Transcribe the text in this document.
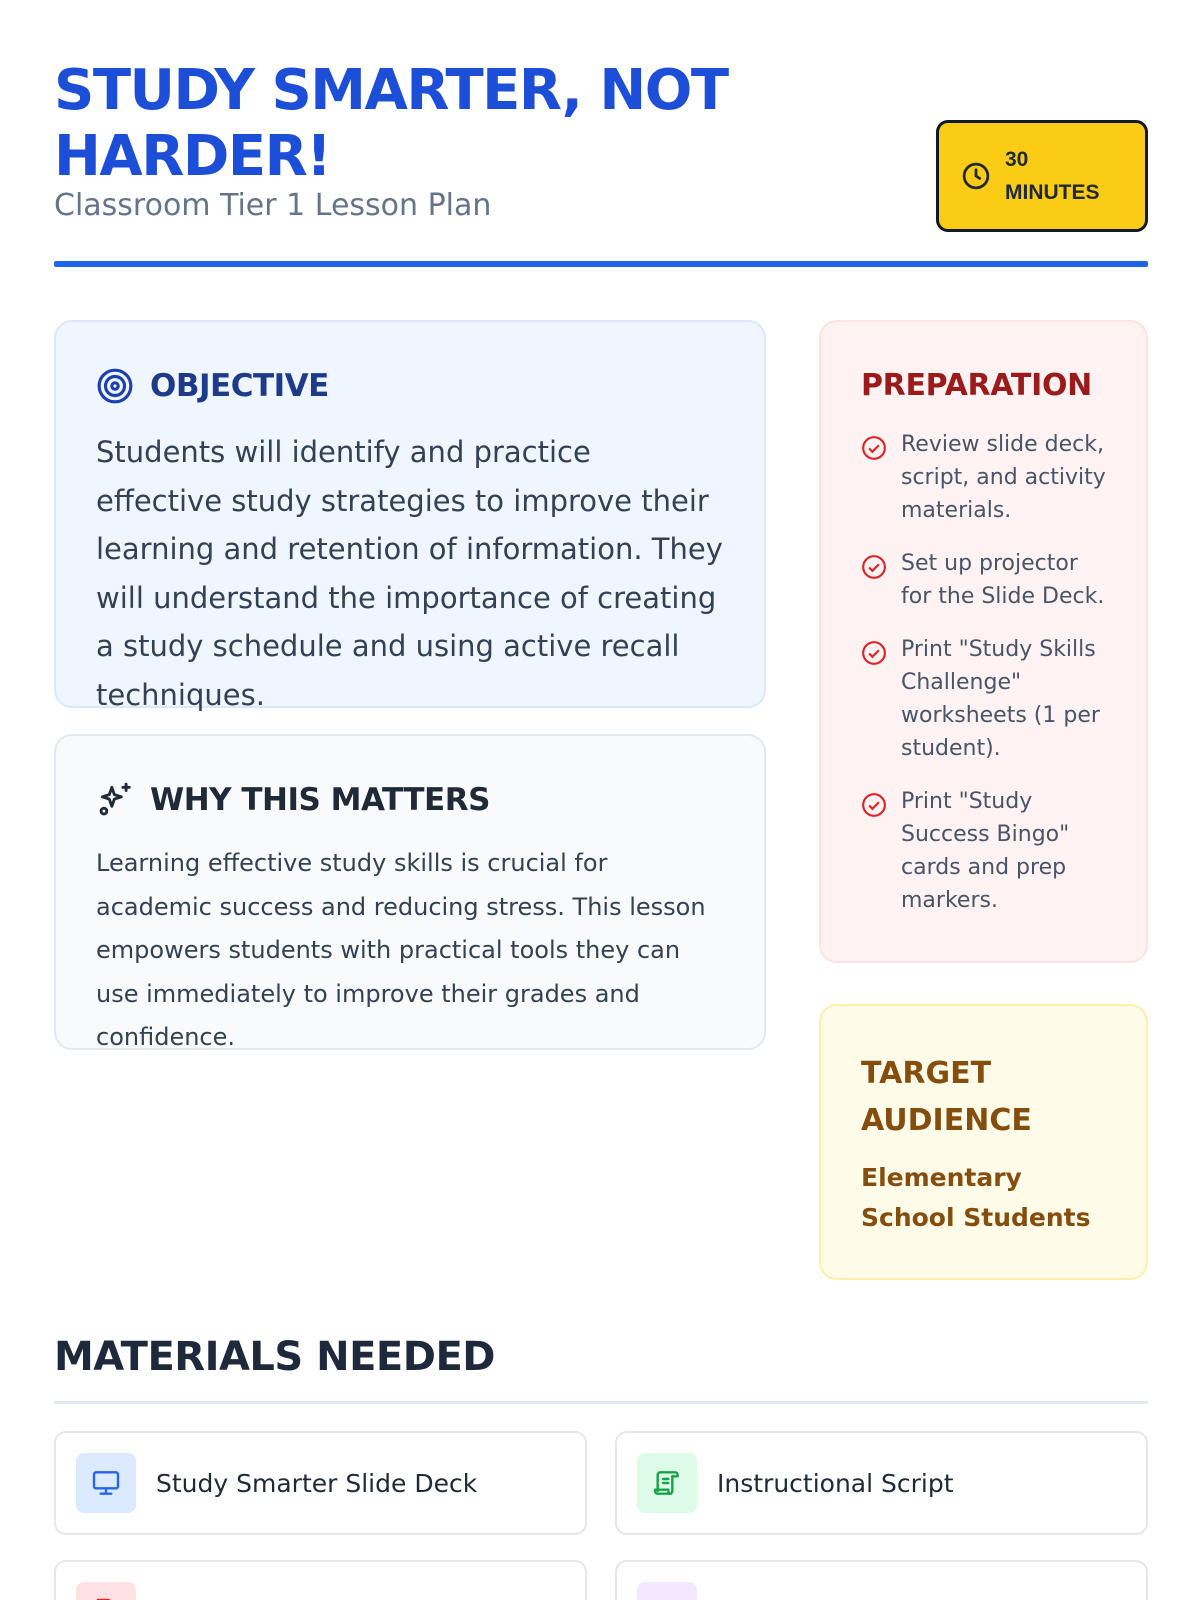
STUDY SMARTER, NOT HARDER!
Classroom Tier 1 Lesson Plan
30 MINUTES
OBJECTIVE

Students will identify and practice effective study strategies to improve their learning and retention of information. They will understand the importance of creating a study schedule and using active recall techniques.

WHY THIS MATTERS

Learning effective study skills is crucial for academic success and reducing stress. This lesson empowers students with practical tools they can use immediately to improve their grades and confidence.

PREPARATION
Review slide deck, script, and activity materials.
Set up projector for the Slide Deck.
Print "Study Skills Challenge" worksheets (1 per student).
Print "Study Success Bingo" cards and prep markers.
TARGET AUDIENCE
Elementary School Students
MATERIALS NEEDED
Study Smarter Slide Deck	Instructional Script
